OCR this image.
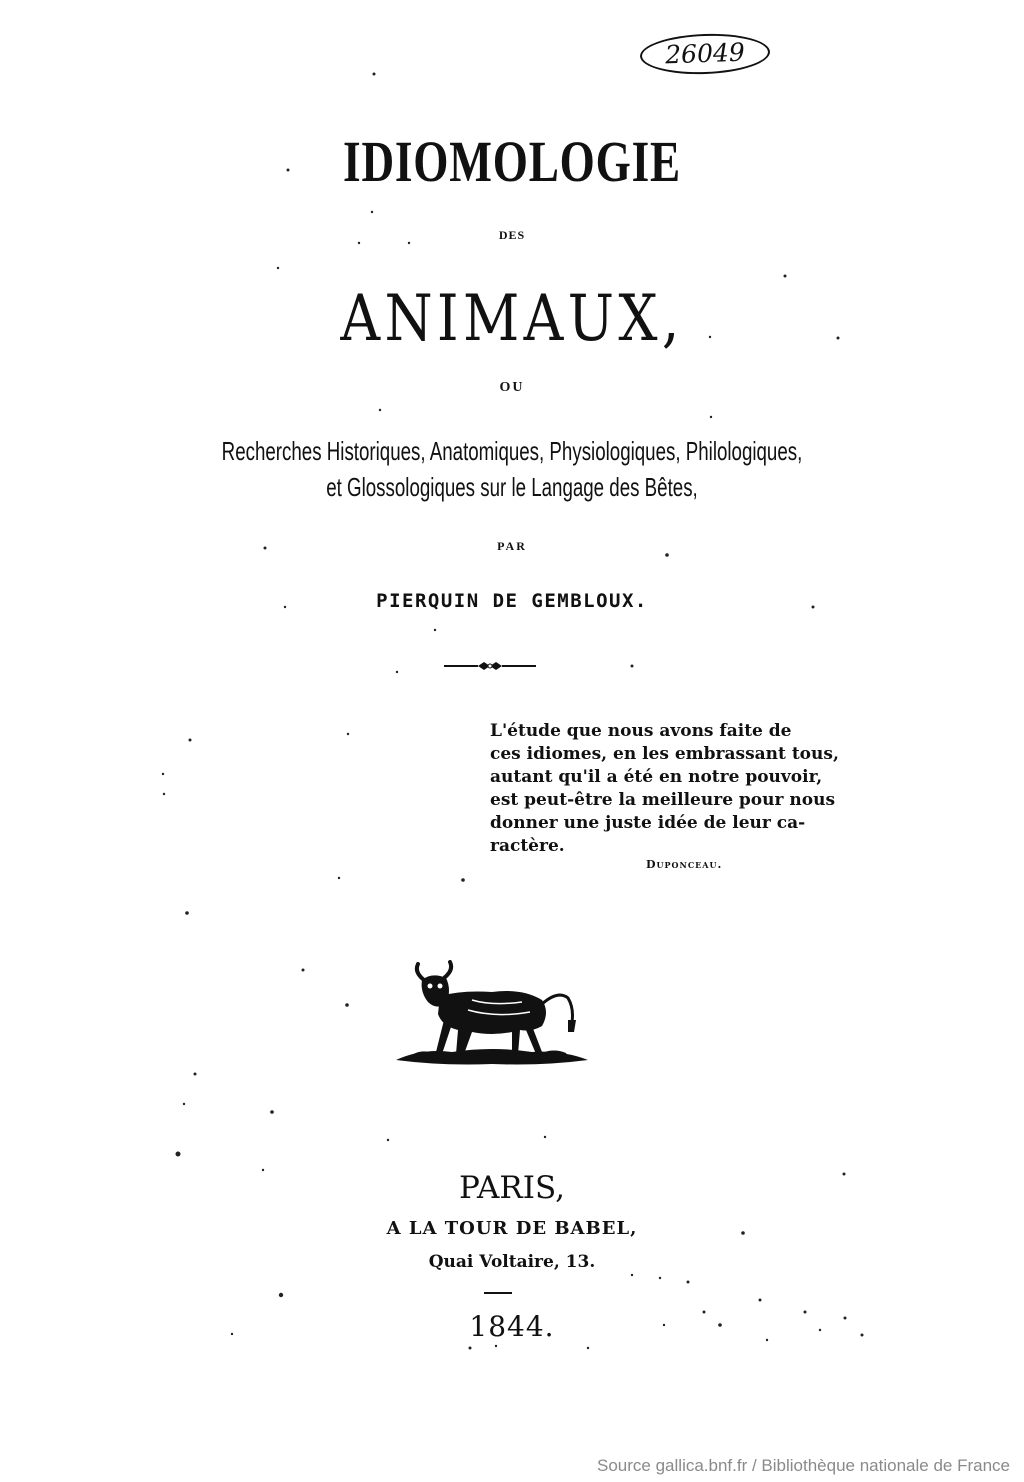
26049
IDIOMOLOGIE
DES
ANIMAUX,
OU
Recherches Historiques, Anatomiques, Physiologiques, Philologiques,
et Glossologiques sur le Langage des Bêtes,
PAR
PIERQUIN DE GEMBLOUX.
L'étude que nous avons faite de
ces idiomes, en les embrassant tous,
autant qu'il a été en notre pouvoir,
est peut-être la meilleure pour nous
donner une juste idée de leur ca-
ractère.
Duponceau.
PARIS,
A LA TOUR DE BABEL,
Quai Voltaire, 13.
1844.
Source gallica.bnf.fr / Bibliothèque nationale de France
